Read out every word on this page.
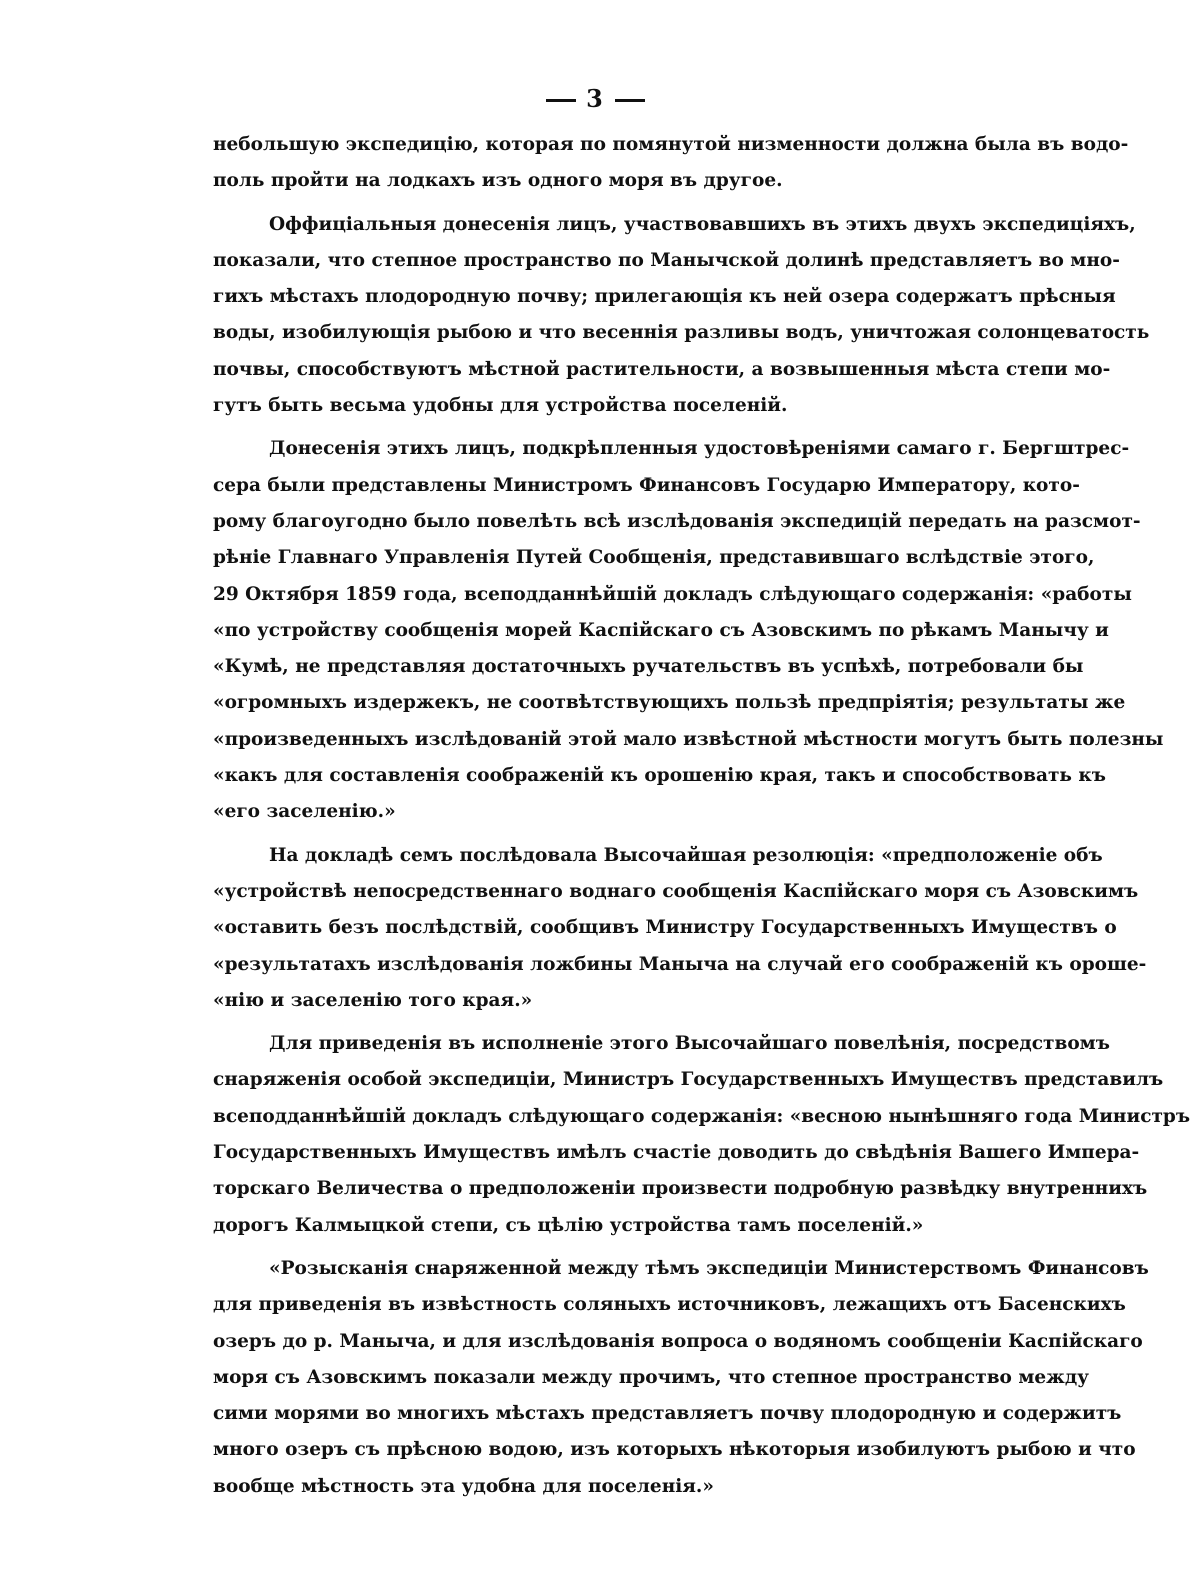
3
небольшую экспедицію, которая по помянутой низменности должна была въ водо-
поль пройти на лодкахъ изъ одного моря въ другое.
Оффиціальныя донесенія лицъ, участвовавшихъ въ этихъ двухъ экспедиціяхъ,
показали, что степное пространство по Манычской долинѣ представляетъ во мно-
гихъ мѣстахъ плодородную почву; прилегающія къ ней озера содержатъ прѣсныя
воды, изобилующія рыбою и что весеннія разливы водъ, уничтожая солонцеватость
почвы, способствуютъ мѣстной растительности, а возвышенныя мѣста степи мо-
гутъ быть весьма удобны для устройства поселеній.
Донесенія этихъ лицъ, подкрѣпленныя удостовѣреніями самаго г. Бергштрес-
сера были представлены Министромъ Финансовъ Государю Императору, кото-
рому благоугодно было повелѣть всѣ изслѣдованія экспедицій передать на разсмот-
рѣніе Главнаго Управленія Путей Сообщенія, представившаго вслѣдствіе этого,
29 Октября 1859 года, всеподданнѣйшій докладъ слѣдующаго содержанія: «работы
«по устройству сообщенія морей Каспійскаго съ Азовскимъ по рѣкамъ Манычу и
«Кумѣ, не представляя достаточныхъ ручательствъ въ успѣхѣ, потребовали бы
«огромныхъ издержекъ, не соотвѣтствующихъ пользѣ предпріятія; результаты же
«произведенныхъ изслѣдованій этой мало извѣстной мѣстности могутъ быть полезны
«какъ для составленія соображеній къ орошенію края, такъ и способствовать къ
«его заселенію.»
На докладѣ семъ послѣдовала Высочайшая резолюція: «предположеніе объ
«устройствѣ непосредственнаго воднаго сообщенія Каспійскаго моря съ Азовскимъ
«оставить безъ послѣдствій, сообщивъ Министру Государственныхъ Имуществъ о
«результатахъ изслѣдованія ложбины Маныча на случай его соображеній къ ороше-
«нію и заселенію того края.»
Для приведенія въ исполненіе этого Высочайшаго повелѣнія, посредствомъ
снаряженія особой экспедиціи, Министръ Государственныхъ Имуществъ представилъ
всеподданнѣйшій докладъ слѣдующаго содержанія: «весною нынѣшняго года Министръ
Государственныхъ Имуществъ имѣлъ счастіе доводить до свѣдѣнія Вашего Импера-
торскаго Величества о предположеніи произвести подробную развѣдку внутреннихъ
дорогъ Калмыцкой степи, съ цѣлію устройства тамъ поселеній.»
«Розысканія снаряженной между тѣмъ экспедиціи Министерствомъ Финансовъ
для приведенія въ извѣстность соляныхъ источниковъ, лежащихъ отъ Басенскихъ
озеръ до р. Маныча, и для изслѣдованія вопроса о водяномъ сообщеніи Каспійскаго
моря съ Азовскимъ показали между прочимъ, что степное пространство между
сими морями во многихъ мѣстахъ представляетъ почву плодородную и содержитъ
много озеръ съ прѣсною водою, изъ которыхъ нѣкоторыя изобилуютъ рыбою и что
вообще мѣстность эта удобна для поселенія.»
